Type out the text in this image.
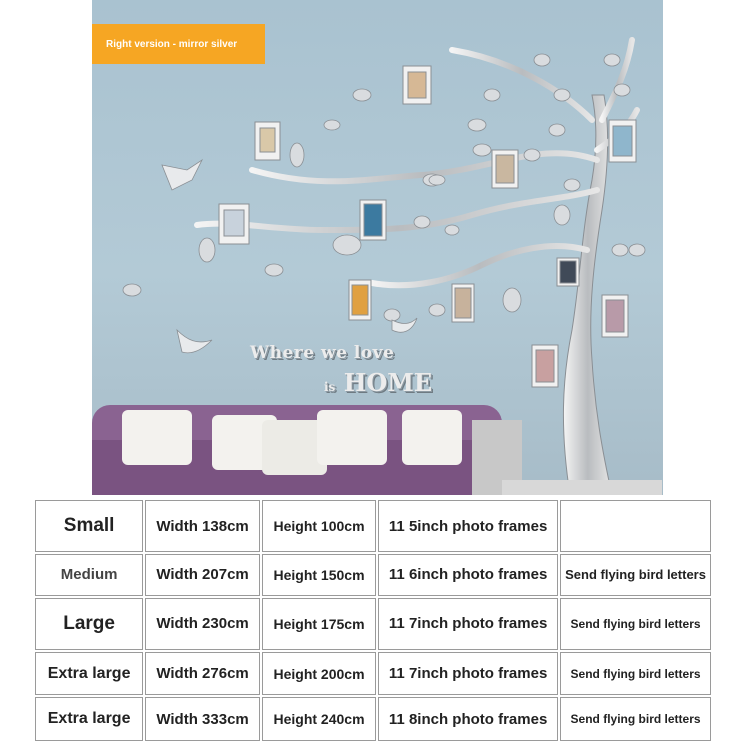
Where we love
is HOME
Right version - mirror silver
Small	Width 138cm	Height 100cm	11 5inch photo frames	
Medium	Width 207cm	Height 150cm	11 6inch photo frames	Send flying bird letters
Large	Width 230cm	Height 175cm	11 7inch photo frames	Send flying bird letters
Extra large	Width 276cm	Height 200cm	11 7inch photo frames	Send flying bird letters
Extra large	Width 333cm	Height 240cm	11 8inch photo frames	Send flying bird letters
